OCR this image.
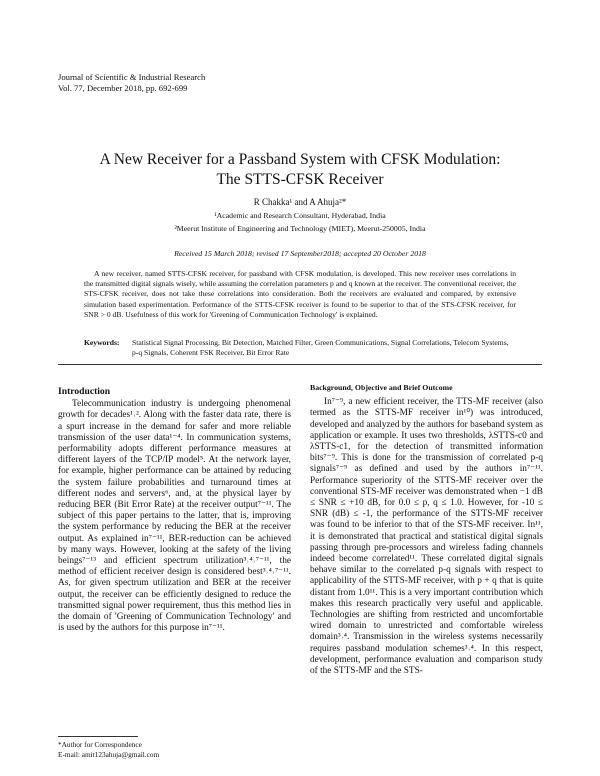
Journal of Scientific & Industrial Research
Vol. 77, December 2018, pp. 692-699
A New Receiver for a Passband System with CFSK Modulation:
The STTS-CFSK Receiver
R Chakka¹ and A Ahuja²*
¹Academic and Research Consultant, Hyderabad, India
²Meerut Institute of Engineering and Technology (MIET), Meerut-250005, India
Received 15 March 2018; revised 17 September2018; accepted 20 October 2018

A new receiver, named STTS-CFSK receiver, for passband with CFSK modulation, is developed. This new receiver uses correlations in the transmitted digital signals wisely, while assuming the correlation parameters p and q known at the receiver. The conventional receiver, the STS-CFSK receiver, does not take these correlations into consideration. Both the receivers are evaluated and compared, by extensive simulation based experimentation. Performance of the STTS-CFSK receiver is found to be superior to that of the STS-CFSK receiver, for SNR > 0 dB. Usefulness of this work for 'Greening of Communication Technology' is explained.

Keywords: Statistical Signal Processing, Bit Detection, Matched Filter, Green Communications, Signal Correlations, Telecom Systems, p-q Signals, Coherent FSK Receiver, Bit Error Rate
Introduction

Telecommunication industry is undergoing phenomenal growth for decades¹˒². Along with the faster data rate, there is a spurt increase in the demand for safer and more reliable transmission of the user data¹⁻⁴. In communication systems, performability adopts different performance measures at different layers of the TCP/IP model⁵. At the network layer, for example, higher performance can be attained by reducing the system failure probabilities and turnaround times at different nodes and servers⁶, and, at the physical layer by reducing BER (Bit Error Rate) at the receiver output⁷⁻¹¹. The subject of this paper pertains to the latter, that is, improving the system performance by reducing the BER at the receiver output. As explained in⁷⁻¹¹, BER-reduction can be achieved by many ways. However, looking at the safety of the living beings⁷⁻¹³ and efficient spectrum utilization³˒⁴˒⁷⁻¹¹, the method of efficient receiver design is considered best³˒⁴˒⁷⁻¹¹. As, for given spectrum utilization and BER at the receiver output, the receiver can be efficiently designed to reduce the transmitted signal power requirement, thus this method lies in the domain of 'Greening of Communication Technology' and is used by the authors for this purpose in⁷⁻¹¹.

Background, Objective and Brief Outcome

In⁷⁻⁹, a new efficient receiver, the TTS-MF receiver (also termed as the STTS-MF receiver in¹⁰) was introduced, developed and analyzed by the authors for baseband system as application or example. It uses two thresholds, λSTTS-c0 and λSTTS-c1, for the detection of transmitted information bits⁷⁻⁹. This is done for the transmission of correlated p-q signals⁷⁻⁹ as defined and used by the authors in⁷⁻¹¹. Performance superiority of the STTS-MF receiver over the conventional STS-MF receiver was demonstrated when −1 dB ≤ SNR ≤ +10 dB, for 0.0 ≤ p, q ≤ 1.0. However, for -10 ≤ SNR (dB) ≤ -1, the performance of the STTS-MF receiver was found to be inferior to that of the STS-MF receiver. In¹¹, it is demonstrated that practical and statistical digital signals passing through pre-processors and wireless fading channels indeed become correlated¹¹. These correlated digital signals behave similar to the correlated p-q signals with respect to applicability of the STTS-MF receiver, with p + q that is quite distant from 1.0¹¹. This is a very important contribution which makes this research practically very useful and applicable. Technologies are shifting from restricted and uncomfortable wired domain to unrestricted and comfortable wireless domain³˒⁴. Transmission in the wireless systems necessarily requires passband modulation schemes³˒⁴. In this respect, development, performance evaluation and comparison study of the STTS-MF and the STS-

*Author for Correspondence
E-mail: amit123ahuja@gmail.com
